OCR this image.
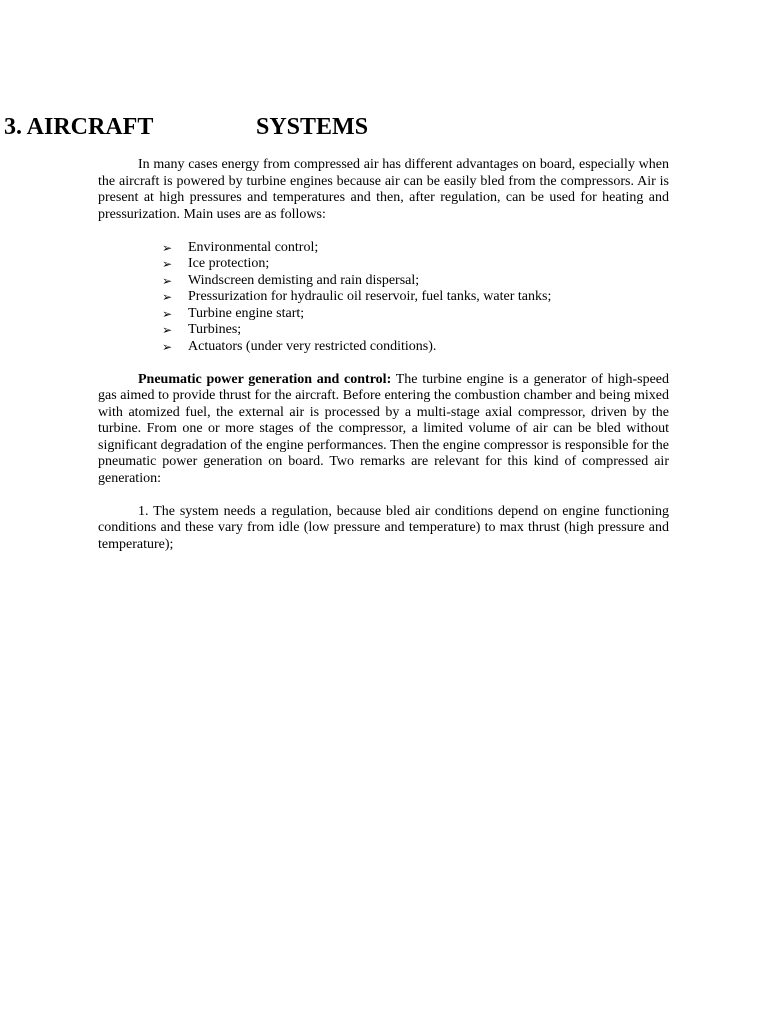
3. AIRCRAFT	SYSTEMS

In many cases energy from compressed air has different advantages on board, especially when the aircraft is powered by turbine engines because air can be easily bled from the compressors. Air is present at high pressures and temperatures and then, after regulation, can be used for heating and pressurization. Main uses are as follows:

➢ Environmental control;
➢ Ice protection;
➢ Windscreen demisting and rain dispersal;
➢ Pressurization for hydraulic oil reservoir, fuel tanks, water tanks;
➢ Turbine engine start;
➢ Turbines;
➢ Actuators (under very restricted conditions).

Pneumatic power generation and control: The turbine engine is a generator of high-speed gas aimed to provide thrust for the aircraft. Before entering the combustion chamber and being mixed with atomized fuel, the external air is processed by a multi-stage axial compressor, driven by the turbine. From one or more stages of the compressor, a limited volume of air can be bled without significant degradation of the engine performances. Then the engine compressor is responsible for the pneumatic power generation on board. Two remarks are relevant for this kind of compressed air generation:

1. The system needs a regulation, because bled air conditions depend on engine functioning conditions and these vary from idle (low pressure and temperature) to max thrust (high pressure and temperature);
